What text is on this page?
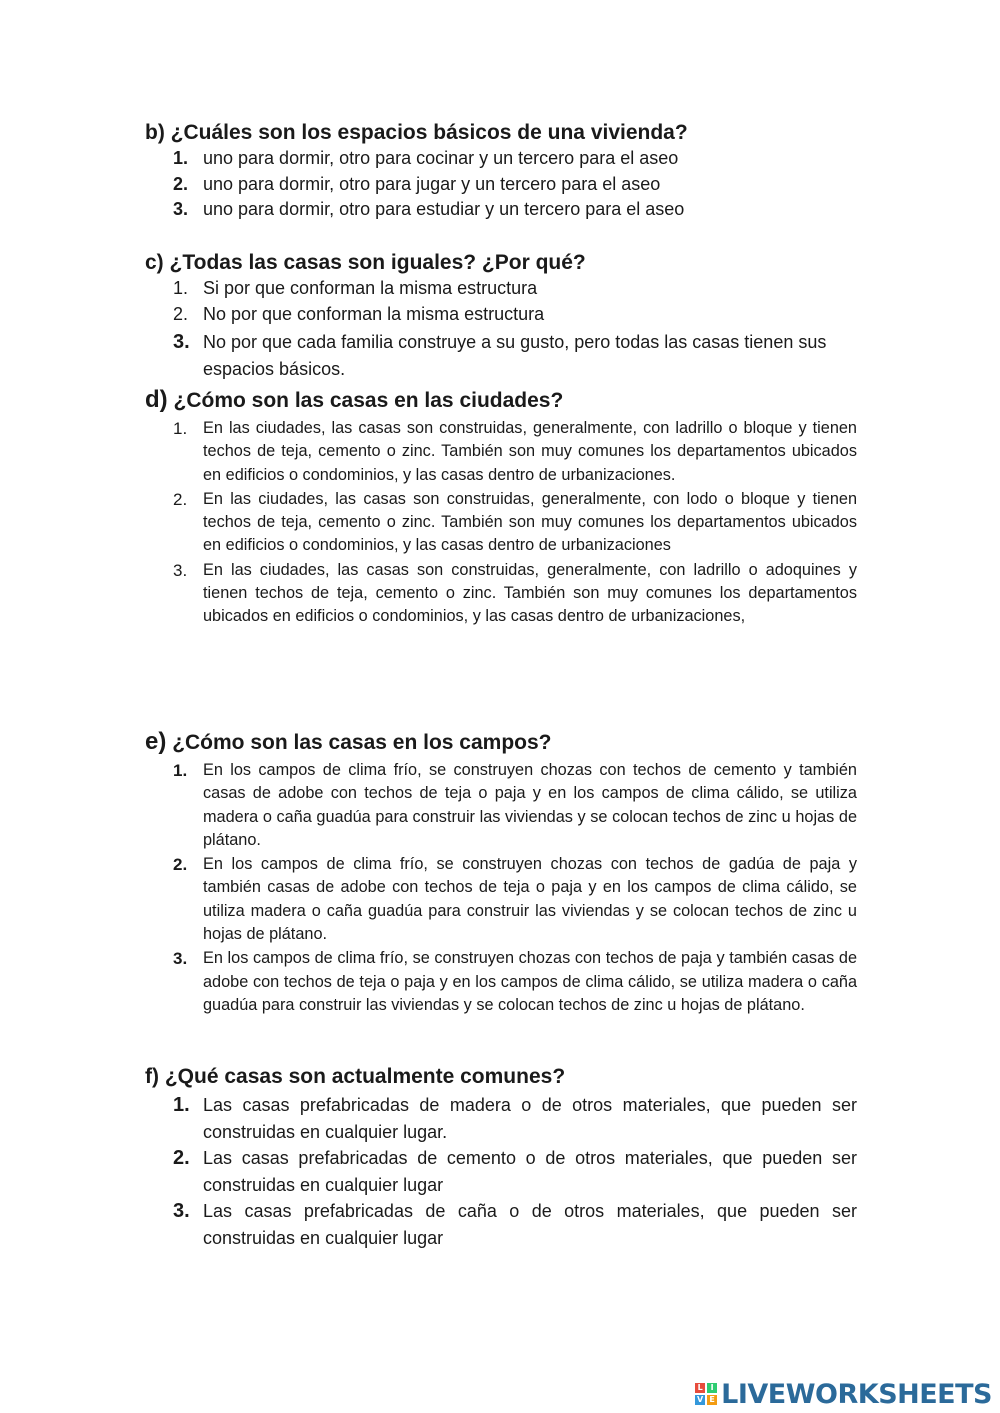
b) ¿Cuáles son los espacios básicos de una vivienda?
1. uno para dormir, otro para cocinar y un tercero para el aseo
2. uno para dormir, otro para jugar y un tercero para el aseo
3. uno para dormir, otro para estudiar y un tercero para el aseo
c) ¿Todas las casas son iguales? ¿Por qué?
1. Si por que conforman la misma estructura
2. No por que conforman la misma estructura
3. No por que cada familia construye a su gusto, pero todas las casas tienen sus espacios básicos.
d) ¿Cómo son las casas en las ciudades?
1. En las ciudades, las casas son construidas, generalmente, con ladrillo o bloque y tienen techos de teja, cemento o zinc. También son muy comunes los departamentos ubicados en edificios o condominios, y las casas dentro de urbanizaciones.
2. En las ciudades, las casas son construidas, generalmente, con lodo o bloque y tienen techos de teja, cemento o zinc. También son muy comunes los departamentos ubicados en edificios o condominios, y las casas dentro de urbanizaciones
3. En las ciudades, las casas son construidas, generalmente, con ladrillo o adoquines y tienen techos de teja, cemento o zinc. También son muy comunes los departamentos ubicados en edificios o condominios, y las casas dentro de urbanizaciones,
e) ¿Cómo son las casas en los campos?
1. En los campos de clima frío, se construyen chozas con techos de cemento y también casas de adobe con techos de teja o paja y en los campos de clima cálido, se utiliza madera o caña guadúa para construir las viviendas y se colocan techos de zinc u hojas de plátano.
2. En los campos de clima frío, se construyen chozas con techos de gadúa de paja y también casas de adobe con techos de teja o paja y en los campos de clima cálido, se utiliza madera o caña guadúa para construir las viviendas y se colocan techos de zinc u hojas de plátano.
3. En los campos de clima frío, se construyen chozas con techos de paja y también casas de adobe con techos de teja o paja y en los campos de clima cálido, se utiliza madera o caña guadúa para construir las viviendas y se colocan techos de zinc u hojas de plátano.
f) ¿Qué casas son actualmente comunes?
1. Las casas prefabricadas de madera o de otros materiales, que pueden ser construidas en cualquier lugar.
2. Las casas prefabricadas de cemento o de otros materiales, que pueden ser construidas en cualquier lugar
3. Las casas prefabricadas de caña o de otros materiales, que pueden ser construidas en cualquier lugar
L I
V E LIVEWORKSHEETS
